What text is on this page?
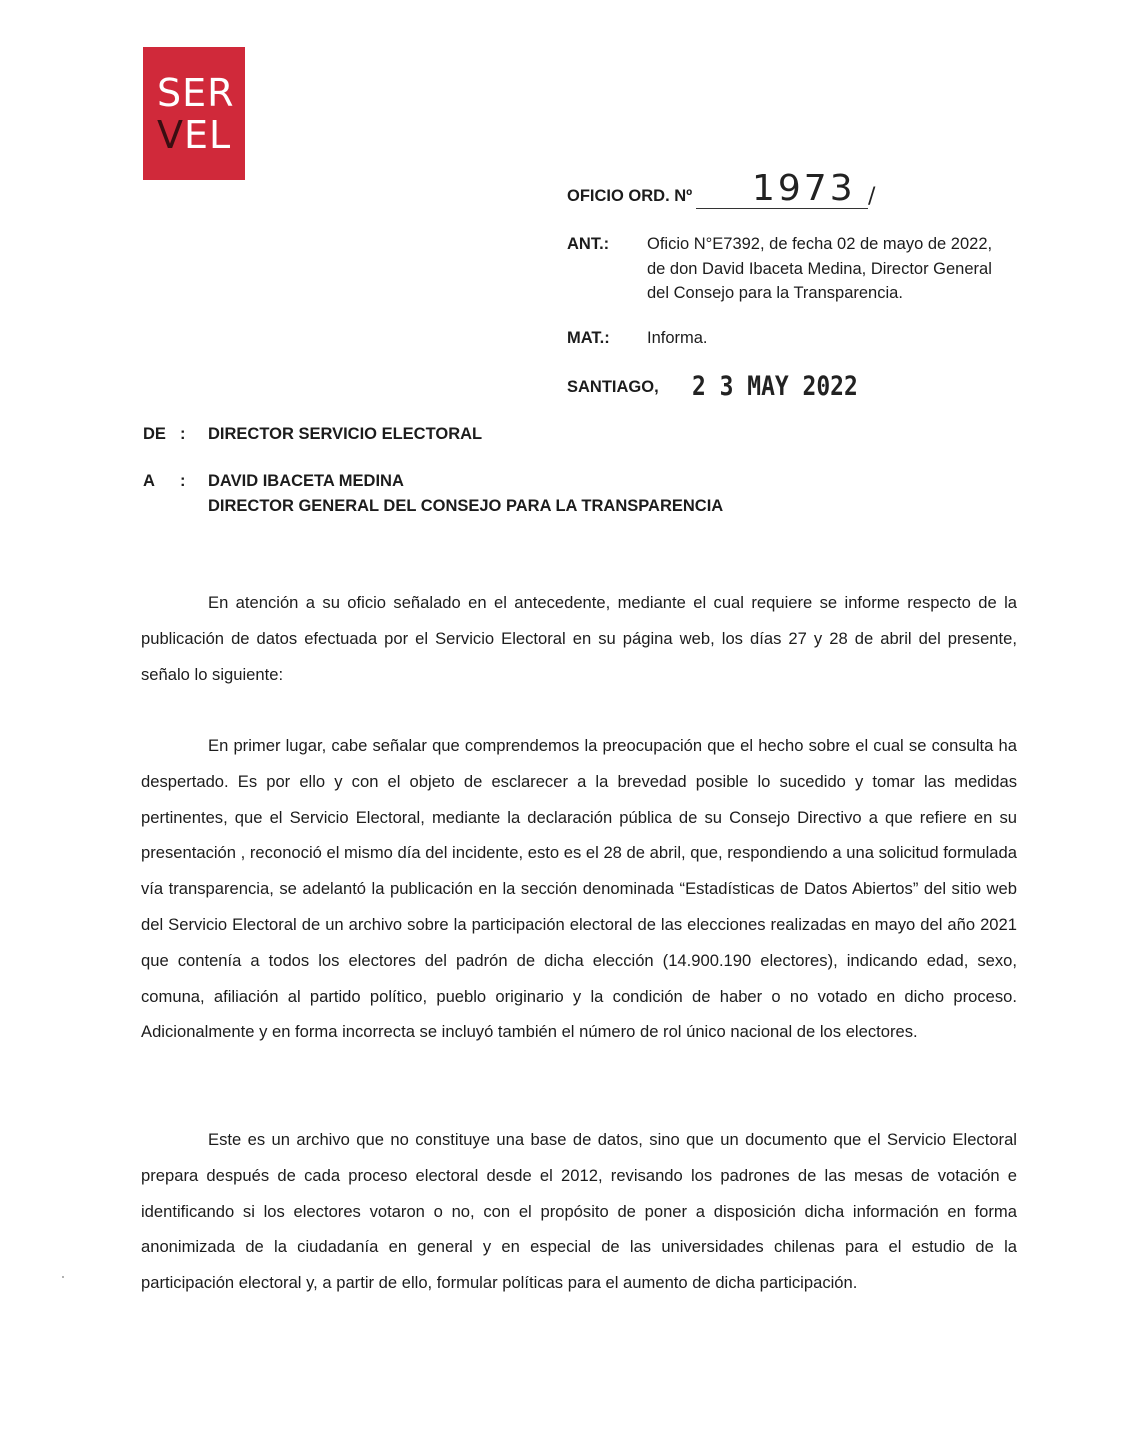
SER
VEL
OFICIO ORD. Nº 1973 /
ANT.: Oficio N°E7392, de fecha 02 de mayo de 2022,
de don David Ibaceta Medina, Director General
del Consejo para la Transparencia.
MAT.: Informa.
SANTIAGO, 2 3 MAY 2022
DE : DIRECTOR SERVICIO ELECTORAL
A : DAVID IBACETA MEDINA
DIRECTOR GENERAL DEL CONSEJO PARA LA TRANSPARENCIA
En atención a su oficio señalado en el antecedente, mediante el cual requiere se informe respecto de la publicación de datos efectuada por el Servicio Electoral en su página web, los días 27 y 28 de abril del presente, señalo lo siguiente:
En primer lugar, cabe señalar que comprendemos la preocupación que el hecho sobre el cual se consulta ha despertado. Es por ello y con el objeto de esclarecer a la brevedad posible lo sucedido y tomar las medidas pertinentes, que el Servicio Electoral, mediante la declaración pública de su Consejo Directivo a que refiere en su presentación , reconoció el mismo día del incidente, esto es el 28 de abril, que, respondiendo a una solicitud formulada vía transparencia, se adelantó la publicación en la sección denominada “Estadísticas de Datos Abiertos” del sitio web del Servicio Electoral de un archivo sobre la participación electoral de las elecciones realizadas en mayo del año 2021 que contenía a todos los electores del padrón de dicha elección (14.900.190 electores), indicando edad, sexo, comuna, afiliación al partido político, pueblo originario y la condición de haber o no votado en dicho proceso. Adicionalmente y en forma incorrecta se incluyó también el número de rol único nacional de los electores.
Este es un archivo que no constituye una base de datos, sino que un documento que el Servicio Electoral prepara después de cada proceso electoral desde el 2012, revisando los padrones de las mesas de votación e identificando si los electores votaron o no, con el propósito de poner a disposición dicha información en forma anonimizada de la ciudadanía en general y en especial de las universidades chilenas para el estudio de la participación electoral y, a partir de ello, formular políticas para el aumento de dicha participación.
